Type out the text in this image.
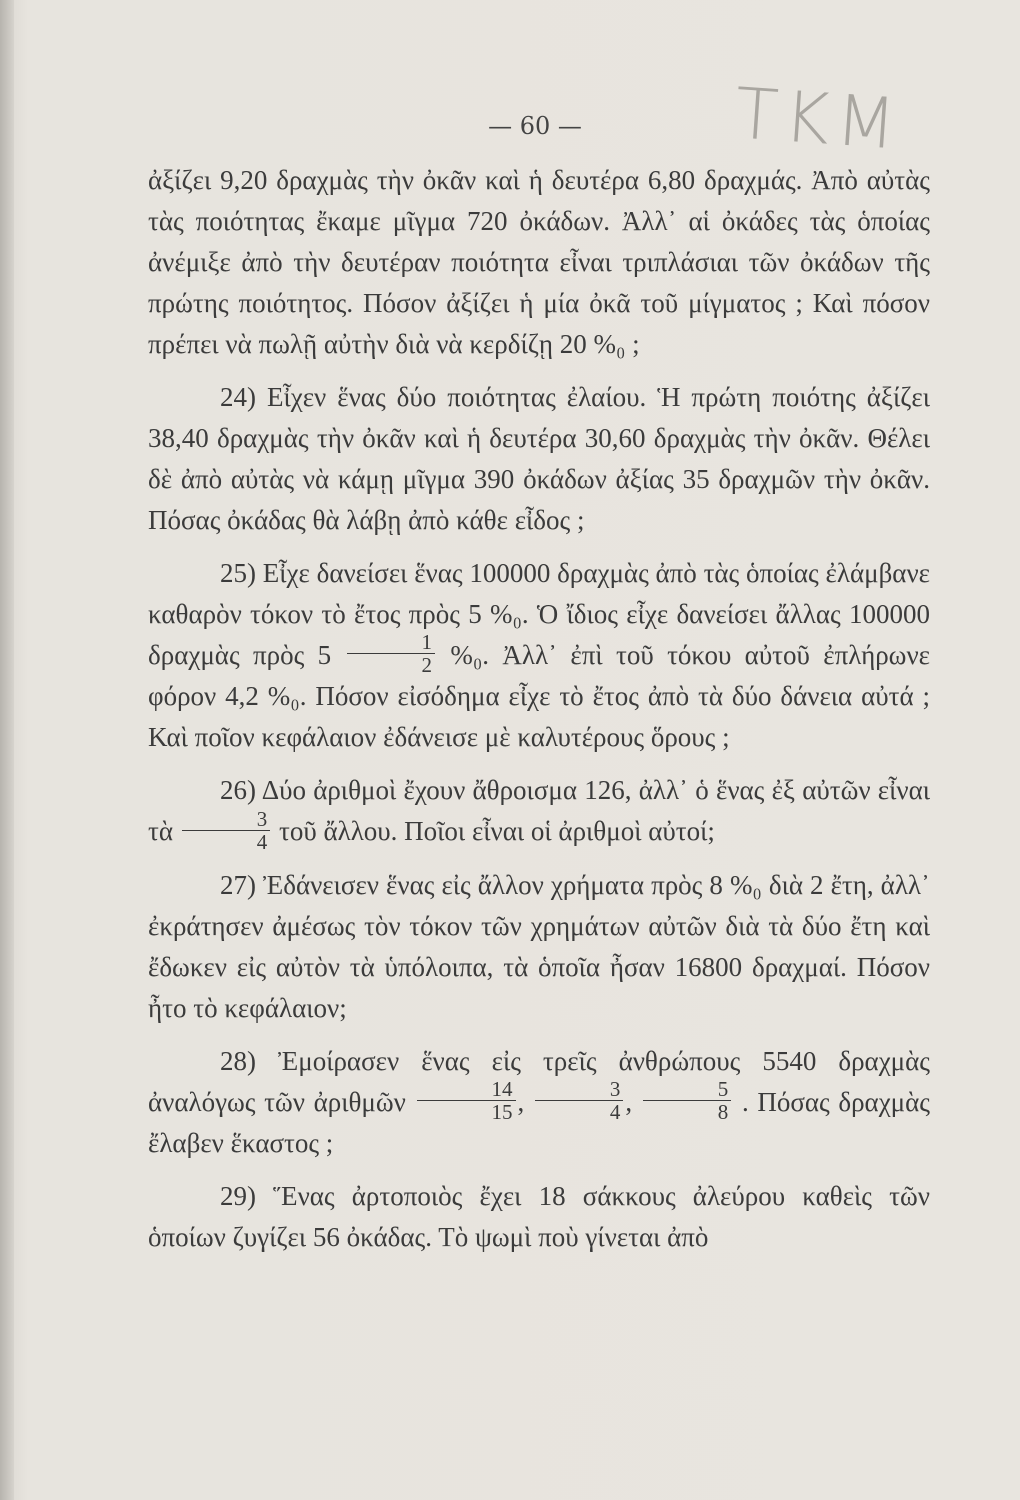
ΤΚΜ
— 60 —

ἀξίζει 9,20 δραχμὰς τὴν ὀκᾶν καὶ ἡ δευτέρα 6,80 δραχμάς. Ἀπὸ αὐτὰς τὰς ποιότητας ἔκαμε μῖγμα 720 ὀκάδων. Ἀλλ᾿ αἱ ὀκάδες τὰς ὁποίας ἀνέμιξε ἀπὸ τὴν δευτέραν ποιότητα εἶναι τριπλάσιαι τῶν ὀκάδων τῆς πρώτης ποιότητος. Πόσον ἀξίζει ἡ μία ὀκᾶ τοῦ μίγματος ; Καὶ πόσον πρέπει νὰ πωλῇ αὐτὴν διὰ νὰ κερδίζῃ 20 %₀ ;

24) Εἶχεν ἕνας δύο ποιότητας ἐλαίου. Ἡ πρώτη ποιότης ἀξίζει 38,40 δραχμὰς τὴν ὀκᾶν καὶ ἡ δευτέρα 30,60 δραχμὰς τὴν ὀκᾶν. Θέλει δὲ ἀπὸ αὐτὰς νὰ κάμῃ μῖγμα 390 ὀκάδων ἀξίας 35 δραχμῶν τὴν ὀκᾶν. Πόσας ὀκάδας θὰ λάβῃ ἀπὸ κάθε εἶδος ;

25) Εἶχε δανείσει ἕνας 100000 δραχμὰς ἀπὸ τὰς ὁποίας ἐλάμβανε καθαρὸν τόκον τὸ ἔτος πρὸς 5 %₀. Ὁ ἴδιος εἶχε δανείσει ἄλλας 100000 δραχμὰς πρὸς $5 \frac{1}{2} \%_0$. Ἀλλ᾿ ἐπὶ τοῦ τόκου αὐτοῦ ἐπλήρωνε φόρον 4,2 %₀. Πόσον εἰσόδημα εἶχε τὸ ἔτος ἀπὸ τὰ δύο δάνεια αὐτά ; Καὶ ποῖον κεφάλαιον ἐδάνεισε μὲ καλυτέρους ὅρους ;

26) Δύο ἀριθμοὶ ἔχουν ἄθροισμα 126, ἀλλ᾿ ὁ ἕνας ἐξ αὐτῶν εἶναι τὰ $\frac{3}{4}$ τοῦ ἄλλου. Ποῖοι εἶναι οἱ ἀριθμοὶ αὐτοί;

27) Ἐδάνεισεν ἕνας εἰς ἄλλον χρήματα πρὸς 8 %₀ διὰ 2 ἔτη, ἀλλ᾿ ἐκράτησεν ἀμέσως τὸν τόκον τῶν χρημάτων αὐτῶν διὰ τὰ δύο ἔτη καὶ ἔδωκεν εἰς αὐτὸν τὰ ὑπόλοιπα, τὰ ὁποῖα ἦσαν 16800 δραχμαί. Πόσον ἦτο τὸ κεφάλαιον;

28) Ἐμοίρασεν ἕνας εἰς τρεῖς ἀνθρώπους 5540 δραχμὰς ἀναλόγως τῶν ἀριθμῶν $\frac{14}{15}$ , $\frac{3}{4}$ , $\frac{5}{8}$ . Πόσας δραχμὰς ἔλαβεν ἕκαστος ;

29) Ἕνας ἀρτοποιὸς ἔχει 18 σάκκους ἀλεύρου καθεὶς τῶν ὁποίων ζυγίζει 56 ὀκάδας. Τὸ ψωμὶ ποὺ γίνεται ἀπὸ
